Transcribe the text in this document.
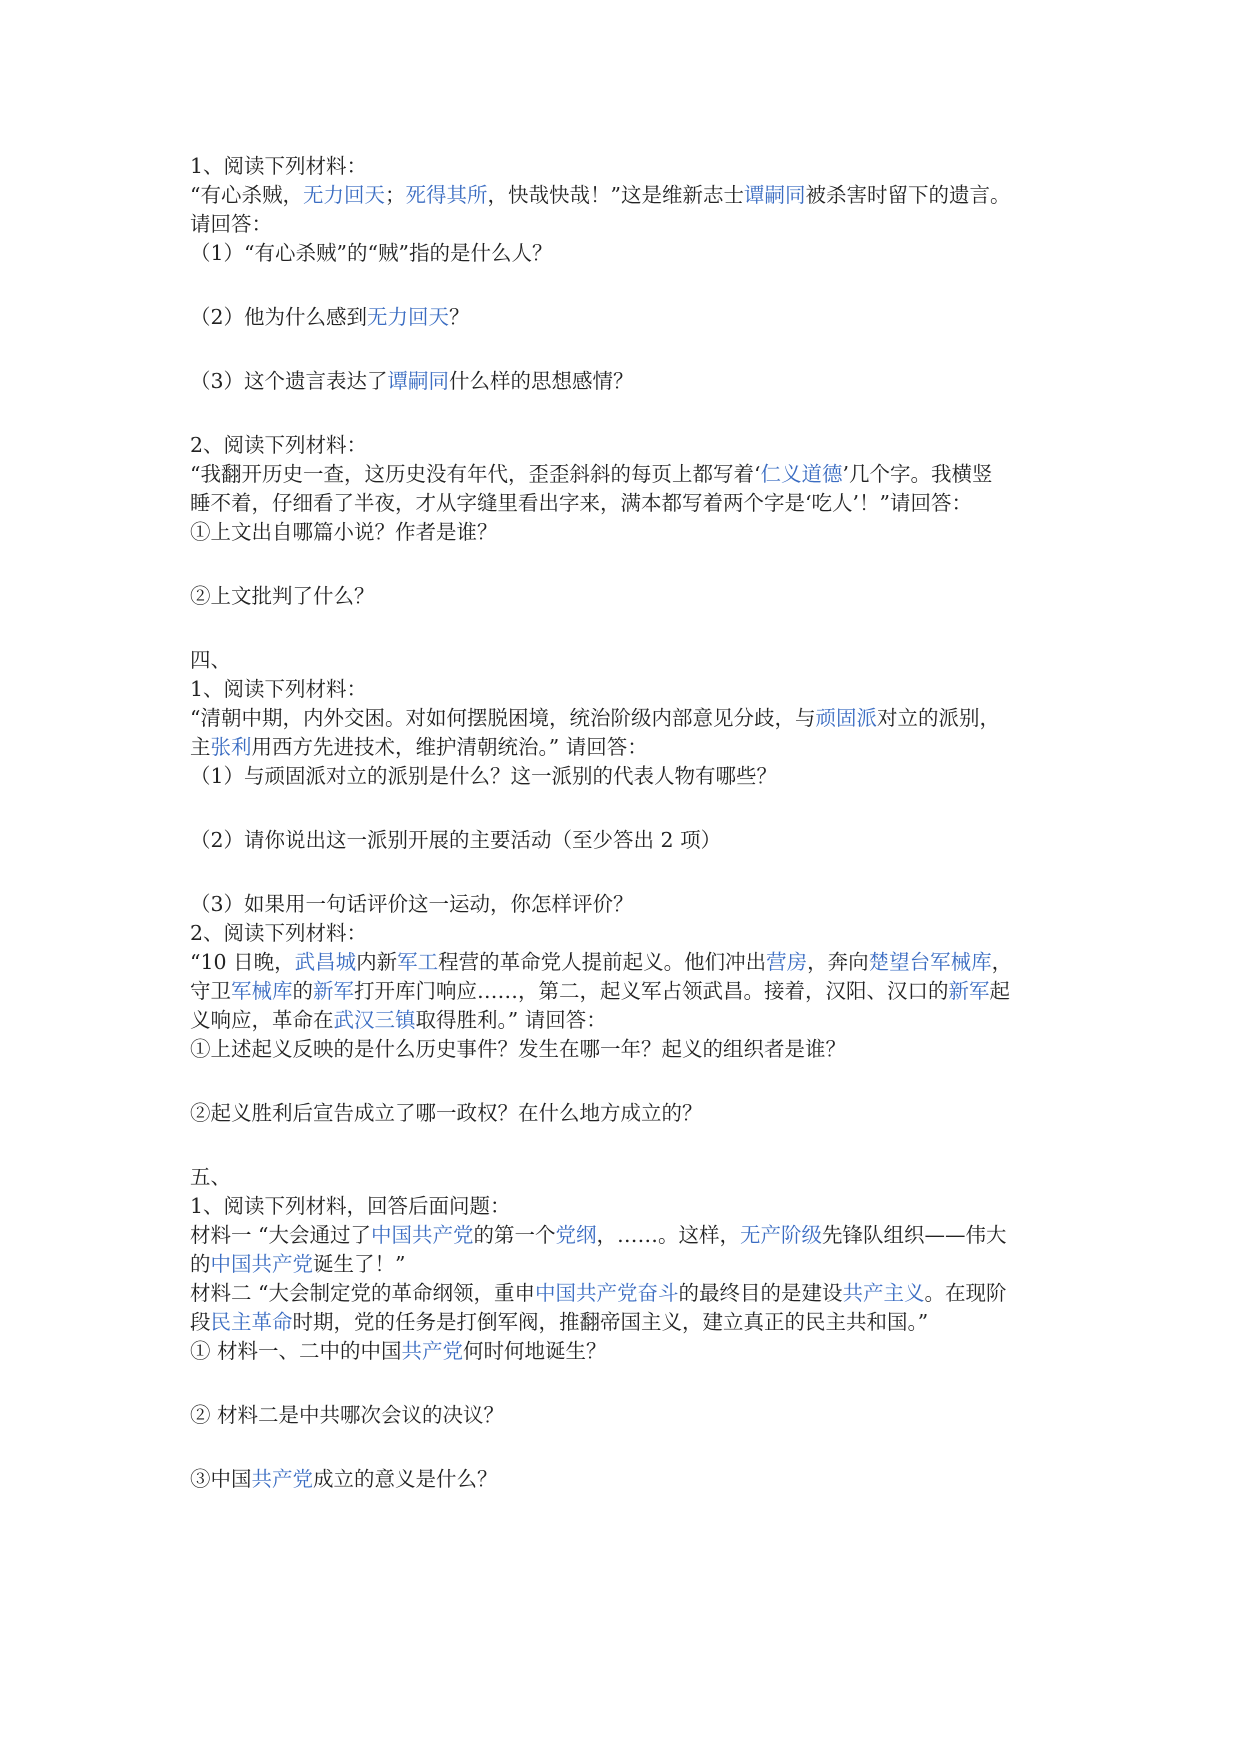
1、阅读下列材料：
“有心杀贼，无力回天；死得其所，快哉快哉！”这是维新志士谭嗣同被杀害时留下的遗言。
请回答：
（1）“有心杀贼”的“贼”指的是什么人？
（2）他为什么感到无力回天？
（3）这个遗言表达了谭嗣同什么样的思想感情？
2、阅读下列材料：
“我翻开历史一查，这历史没有年代，歪歪斜斜的每页上都写着‘仁义道德’几个字。我横竖
睡不着，仔细看了半夜，才从字缝里看出字来，满本都写着两个字是‘吃人’！”请回答：
①上文出自哪篇小说？作者是谁？
②上文批判了什么？
四、
1、阅读下列材料：
“清朝中期，内外交困。对如何摆脱困境，统治阶级内部意见分歧，与顽固派对立的派别，
主张利用西方先进技术，维护清朝统治。” 请回答：
（1）与顽固派对立的派别是什么？这一派别的代表人物有哪些？
（2）请你说出这一派别开展的主要活动（至少答出 2 项）
（3）如果用一句话评价这一运动，你怎样评价？
2、阅读下列材料：
“10 日晚，武昌城内新军工程营的革命党人提前起义。他们冲出营房，奔向楚望台军械库，
守卫军械库的新军打开库门响应……，第二，起义军占领武昌。接着，汉阳、汉口的新军起
义响应，革命在武汉三镇取得胜利。” 请回答：
①上述起义反映的是什么历史事件？发生在哪一年？起义的组织者是谁？
②起义胜利后宣告成立了哪一政权？在什么地方成立的？
五、
1、阅读下列材料，回答后面问题：
材料一 “大会通过了中国共产党的第一个党纲，……。这样，无产阶级先锋队组织——伟大
的中国共产党诞生了！”
材料二 “大会制定党的革命纲领，重申中国共产党奋斗的最终目的是建设共产主义。在现阶
段民主革命时期，党的任务是打倒军阀，推翻帝国主义，建立真正的民主共和国。”
① 材料一、二中的中国共产党何时何地诞生？
② 材料二是中共哪次会议的决议？
③中国共产党成立的意义是什么？
